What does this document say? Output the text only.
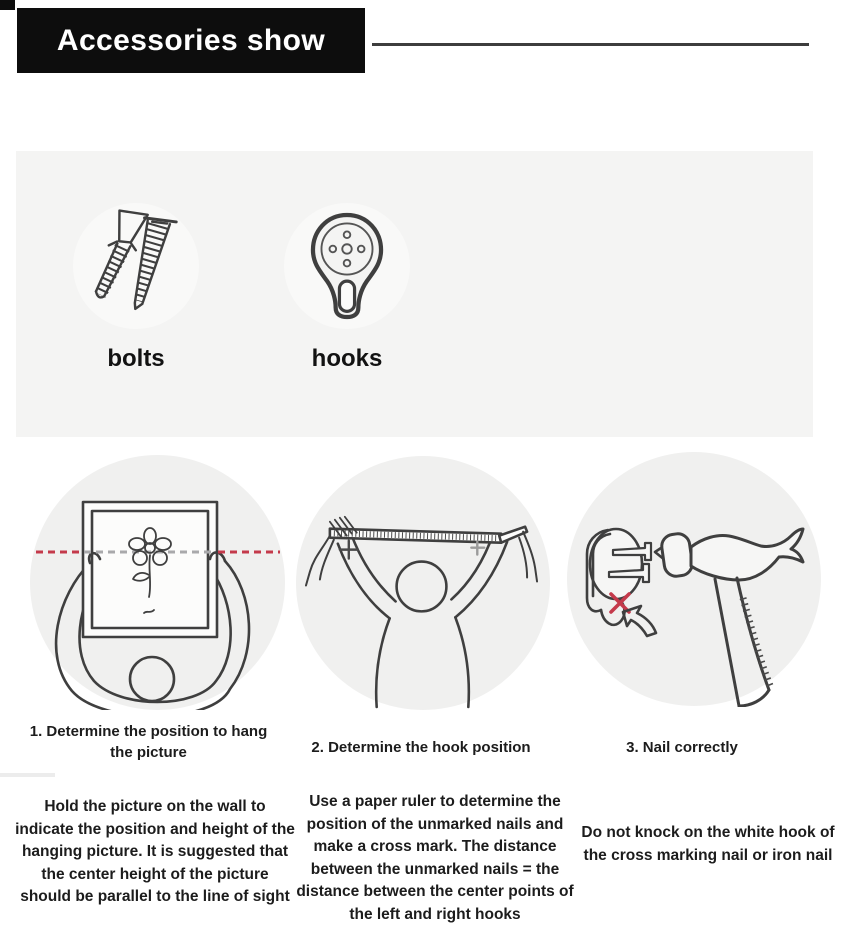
Accessories show
bolts	hooks
1. Determine the position to hang the picture	2. Determine the hook position	3. Nail correctly
Hold the picture on the wall to indicate the position and height of the hanging picture. It is suggested that the center height of the picture should be parallel to the line of sight
Use a paper ruler to determine the position of the unmarked nails and make a cross mark. The distance between the unmarked nails = the distance between the center points of the left and right hooks
Do not knock on the white hook of the cross marking nail or iron nail
